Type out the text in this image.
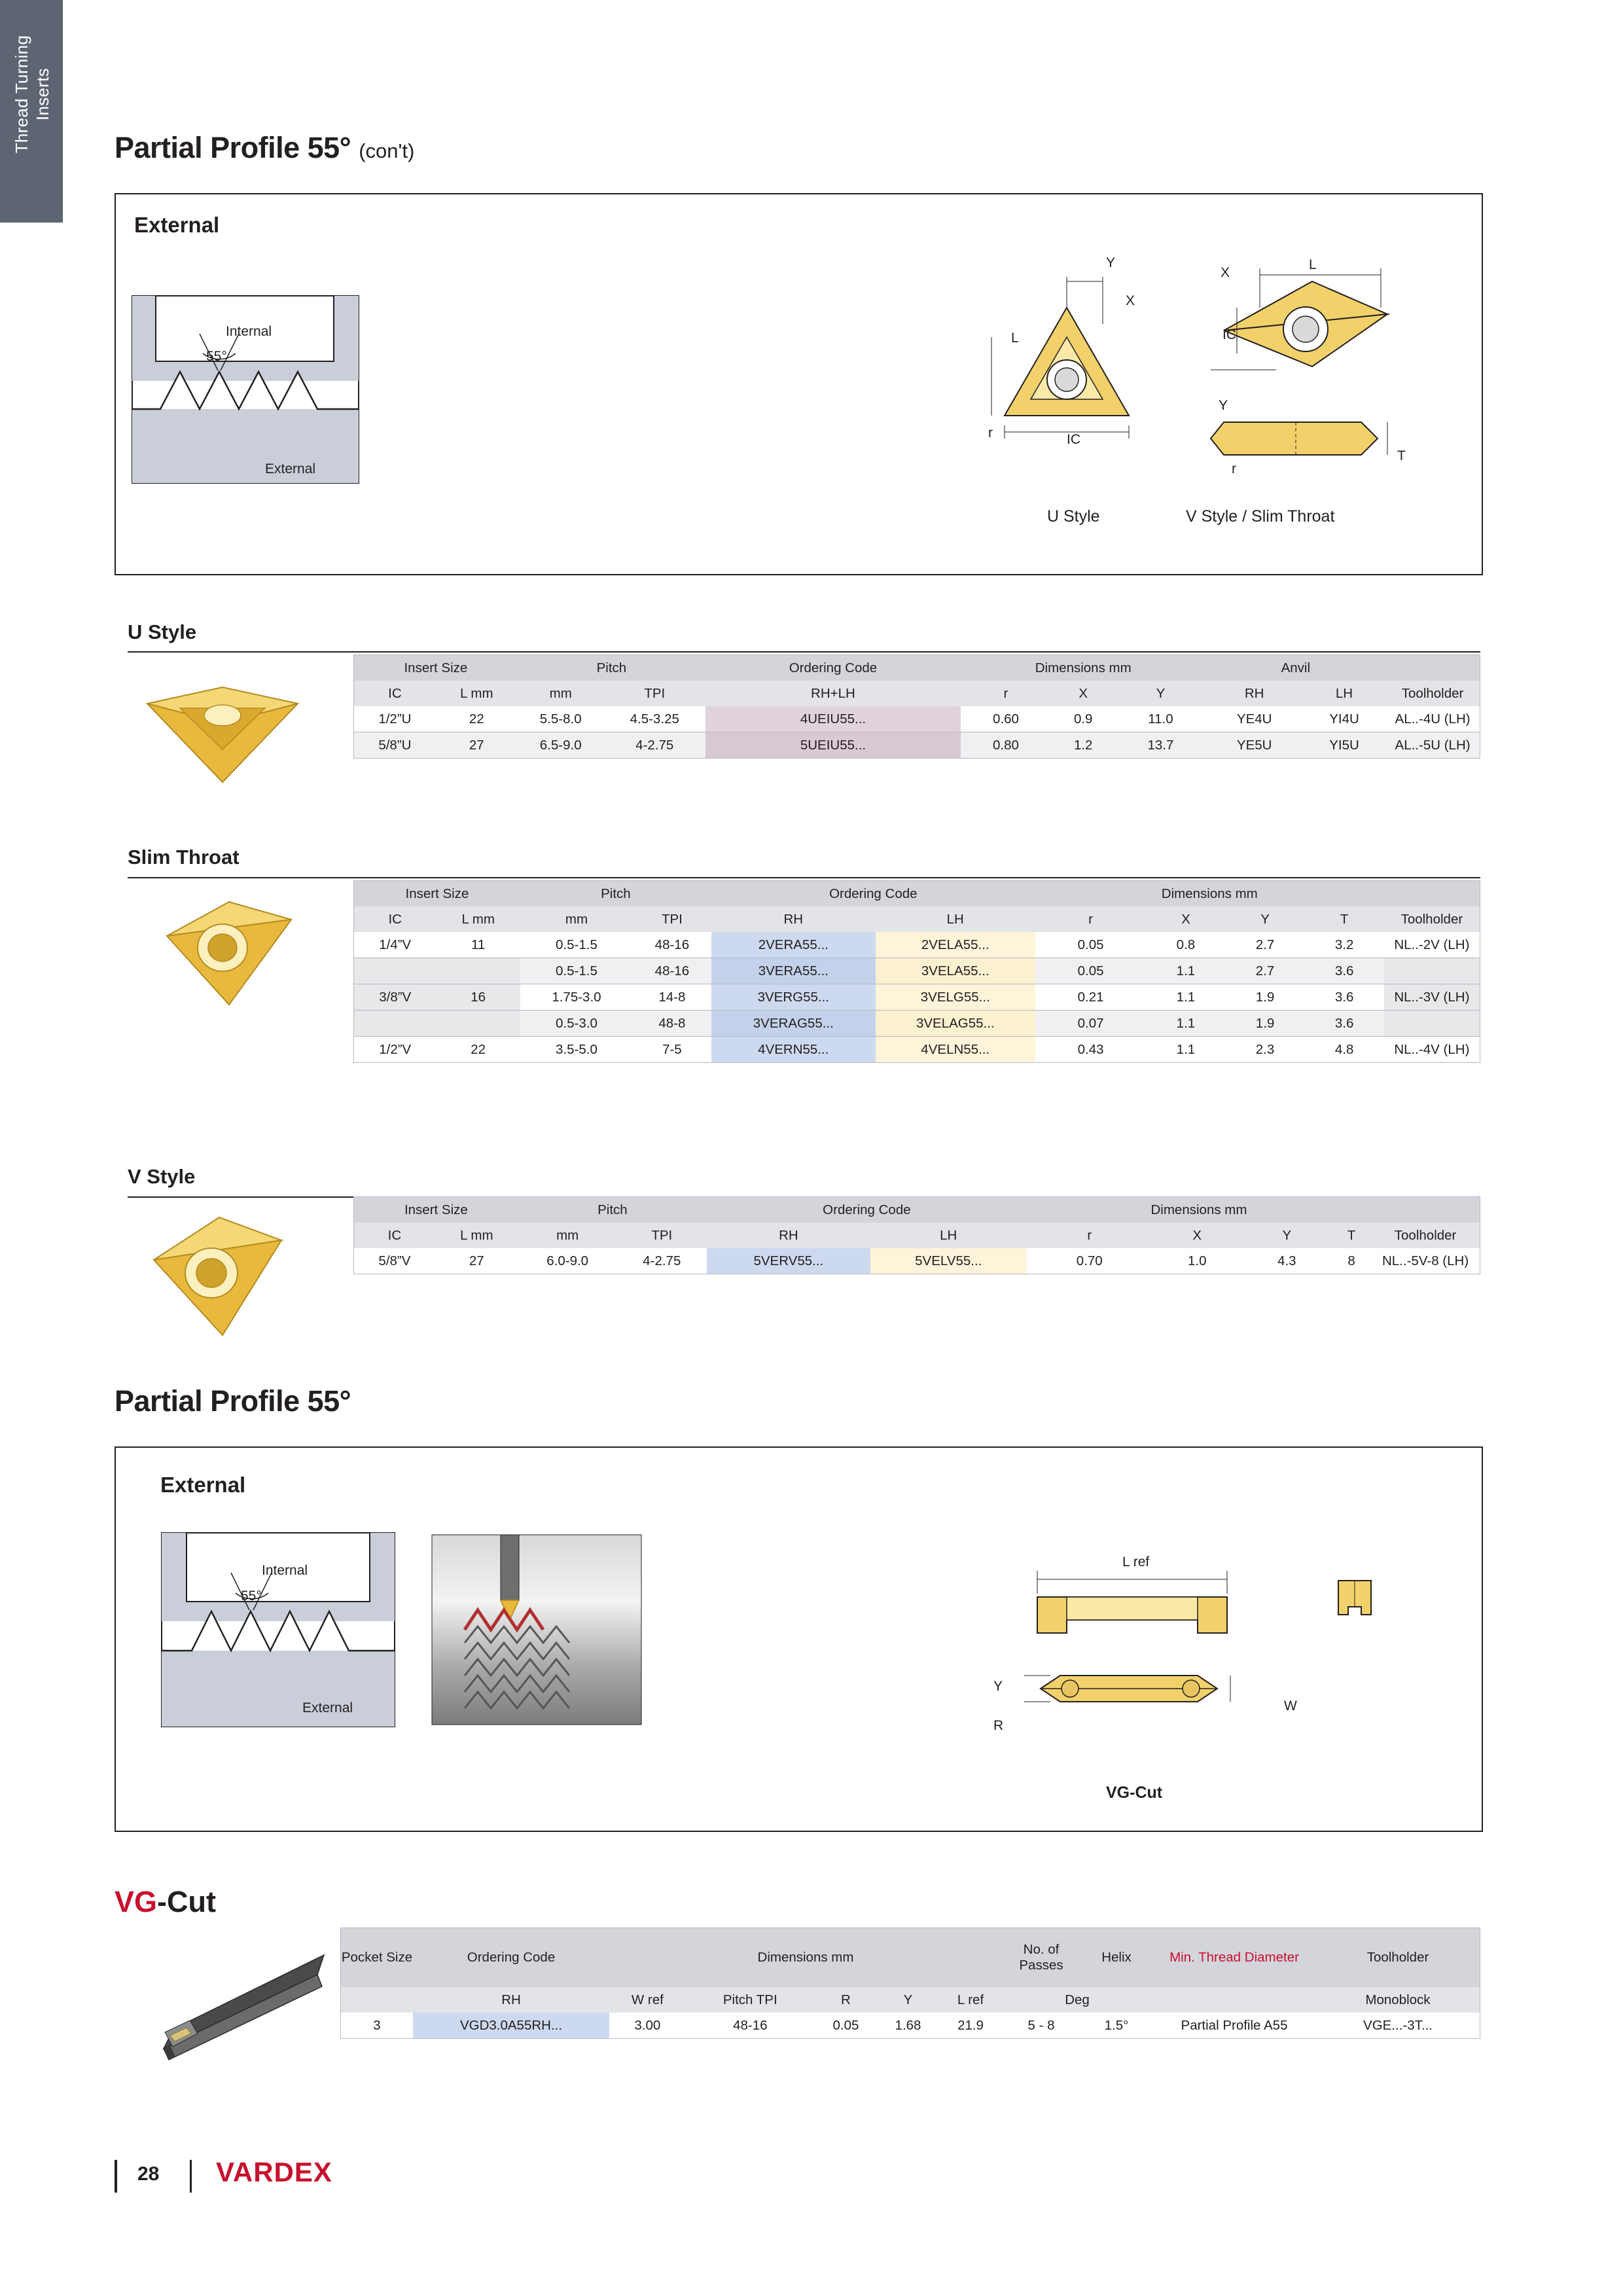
Thread Turning Inserts
Partial Profile 55° (con't)
External
Internal
55°
External
Y
X
L
IC
r
X
L
IC
Y
r
T
U Style	V Style / Slim Throat
U Style
Insert Size		Pitch		Ordering Code	Dimensions mm			Anvil		
IC	L mm	mm	TPI	RH+LH	r	X	Y	RH	LH	Toolholder
1/2”U	22	5.5-8.0	4.5-3.25	4UEIU55...	0.60	0.9	11.0	YE4U	YI4U	AL..-4U (LH)
5/8”U	27	6.5-9.0	4-2.75	5UEIU55...	0.80	1.2	13.7	YE5U	YI5U	AL..-5U (LH)
Slim Throat
Insert Size		Pitch		Ordering Code		Dimensions mm				
IC	L mm	mm	TPI	RH	LH	r	X	Y	T	Toolholder
1/4”V	11	0.5-1.5	48-16	2VERA55...	2VELA55...	0.05	0.8	2.7	3.2	NL..-2V (LH)
		0.5-1.5	48-16	3VERA55...	3VELA55...	0.05	1.1	2.7	3.6	
3/8”V	16	1.75-3.0	14-8	3VERG55...	3VELG55...	0.21	1.1	1.9	3.6	NL..-3V (LH)
		0.5-3.0	48-8	3VERAG55...	3VELAG55...	0.07	1.1	1.9	3.6	
1/2”V	22	3.5-5.0	7-5	4VERN55...	4VELN55...	0.43	1.1	2.3	4.8	NL..-4V (LH)
V Style
Insert Size		Pitch		Ordering Code		Dimensions mm				
IC	L mm	mm	TPI	RH	LH	r	X	Y	T	Toolholder
5/8”V	27	6.0-9.0	4-2.75	5VERV55...	5VELV55...	0.70	1.0	4.3	8	NL..-5V-8 (LH)
Partial Profile 55°
External
Internal
55°
External
L ref
Y
R
W
VG-Cut
VG-Cut
Pocket Size	Ordering Code	Dimensions mm					No. of Passes	Helix	Min. Thread Diameter	Toolholder
	RH	W ref	Pitch TPI	R	Y	L ref	Deg			Monoblock
3	VGD3.0A55RH...	3.00	48-16	0.05	1.68	21.9	5 - 8	1.5°	Partial Profile A55	VGE...-3T...
28 VARDEX
